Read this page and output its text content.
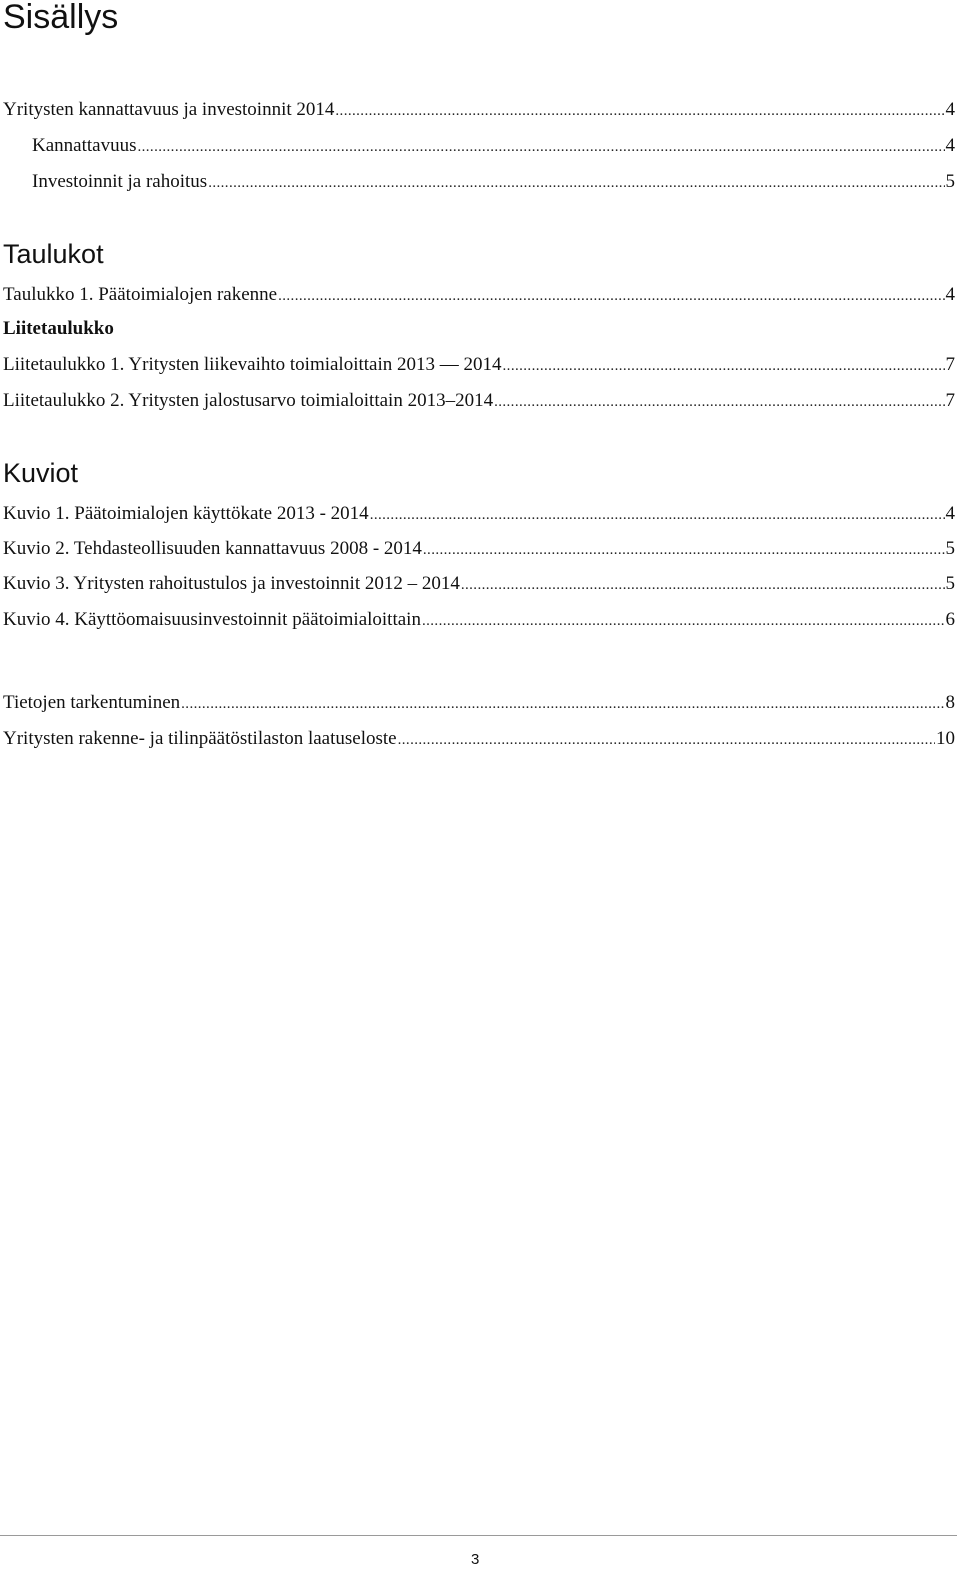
Sisällys
Yritysten kannattavuus ja investoinnit 2014 .....	4
Kannattavuus .....	4
Investoinnit ja rahoitus .....	5
Taulukot
Taulukko 1. Päätoimialojen rakenne .....	4
Liitetaulukko
Liitetaulukko 1. Yritysten liikevaihto toimialoittain 2013 — 2014 .....	7
Liitetaulukko 2. Yritysten jalostusarvo toimialoittain 2013–2014 .....	7
Kuviot
Kuvio 1. Päätoimialojen käyttökate 2013 - 2014 .....	4
Kuvio 2. Tehdasteollisuuden kannattavuus 2008 - 2014 .....	5
Kuvio 3. Yritysten rahoitustulos ja investoinnit 2012 – 2014 .....	5
Kuvio 4. Käyttöomaisuusinvestoinnit päätoimialoittain .....	6
Tietojen tarkentuminen .....	8
Yritysten rakenne- ja tilinpäätöstilaston laatuseloste .....	10
3
